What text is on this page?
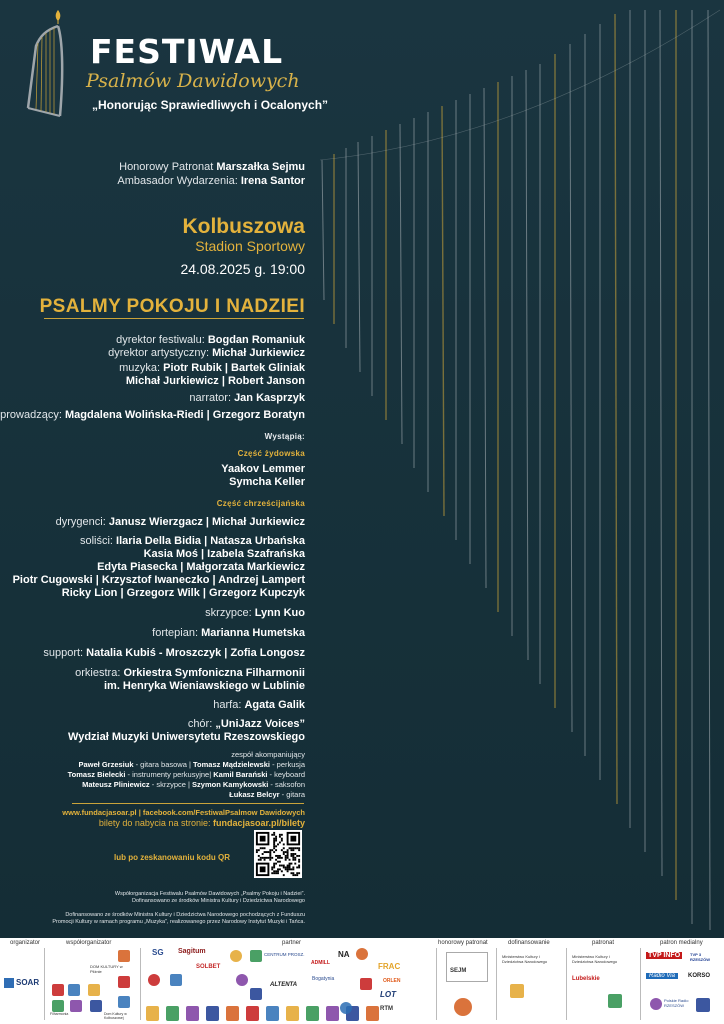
FESTIWAL
Psalmów Dawidowych
„Honorując Sprawiedliwych i Ocalonych”
Honorowy Patronat Marszałka Sejmu
Ambasador Wydarzenia: Irena Santor
Kolbuszowa
Stadion Sportowy
24.08.2025 g. 19:00
PSALMY POKOJU I NADZIEI
dyrektor festiwalu: Bogdan Romaniuk
dyrektor artystyczny: Michał Jurkiewicz
muzyka: Piotr Rubik | Bartek Gliniak
Michał Jurkiewicz | Robert Janson
narrator: Jan Kasprzyk
prowadzący: Magdalena Wolińska-Riedi | Grzegorz Boratyn
Wystąpią:
Część żydowska
Yaakov Lemmer
Symcha Keller
Część chrześcijańska
dyrygenci: Janusz Wierzgacz | Michał Jurkiewicz
soliści: Ilaria Della Bidia | Natasza Urbańska
Kasia Moś | Izabela Szafrańska
Edyta Piasecka | Małgorzata Markiewicz
Piotr Cugowski | Krzysztof Iwaneczko | Andrzej Lampert
Ricky Lion | Grzegorz Wilk | Grzegorz Kupczyk
skrzypce: Lynn Kuo
fortepian: Marianna Humetska
support: Natalia Kubiś - Mroszczyk | Zofia Longosz
orkiestra: Orkiestra Symfoniczna Filharmonii
im. Henryka Wieniawskiego w Lublinie
harfa: Agata Galik
chór: „UniJazz Voices”
Wydział Muzyki Uniwersytetu Rzeszowskiego
zespół akompaniujący
Paweł Grzesiuk - gitara basowa | Tomasz Mądzielewski - perkusja
Tomasz Bielecki - instrumenty perkusyjne| Kamil Barański - keyboard
Mateusz Pliniewicz - skrzypce | Szymon Kamykowski - saksofon
Łukasz Belcyr - gitara
www.fundacjasoar.pl | facebook.com/FestiwalPsalmow Dawidowych
bilety do nabycia na stronie: fundacjasoar.pl/bilety
lub po zeskanowaniu kodu QR
Współorganizacja Festiwalu Psalmów Dawidowych „Psalmy Pokoju i Nadziei”.
Dofinansowano ze środków Ministra Kultury i Dziedzictwa Narodowego
Dofinansowano ze środków Ministra Kultury i Dziedzictwa Narodowego pochodzących z Funduszu
Promocji Kultury w ramach programu „Muzyka”, realizowanego przez Narodowy Instytut Muzyki i Tańca.
organizator	współorganizator	partner	honorowy patronat	dofinansowanie	patronat	patron medialny
SOAR
Sagitum
SOLBET
NA
ADMILL	FRAC
Bogatynia
LOT
ORLEN
RTM
ALTENTA
CENTRUM PROSZ.
SG
DOM KULTURY w Pilźnie
Dom Kultury w Kolbuszowej
Filharmonia
SEJM
Ministerstwo Kultury i Dziedzictwa Narodowego
Ministerstwo Kultury i Dziedzictwa Narodowego
Lubelskie
TVP INFO	TVP 3 RZESZÓW
Radio Via	KORSO
Polskie Radio RZESZÓW
